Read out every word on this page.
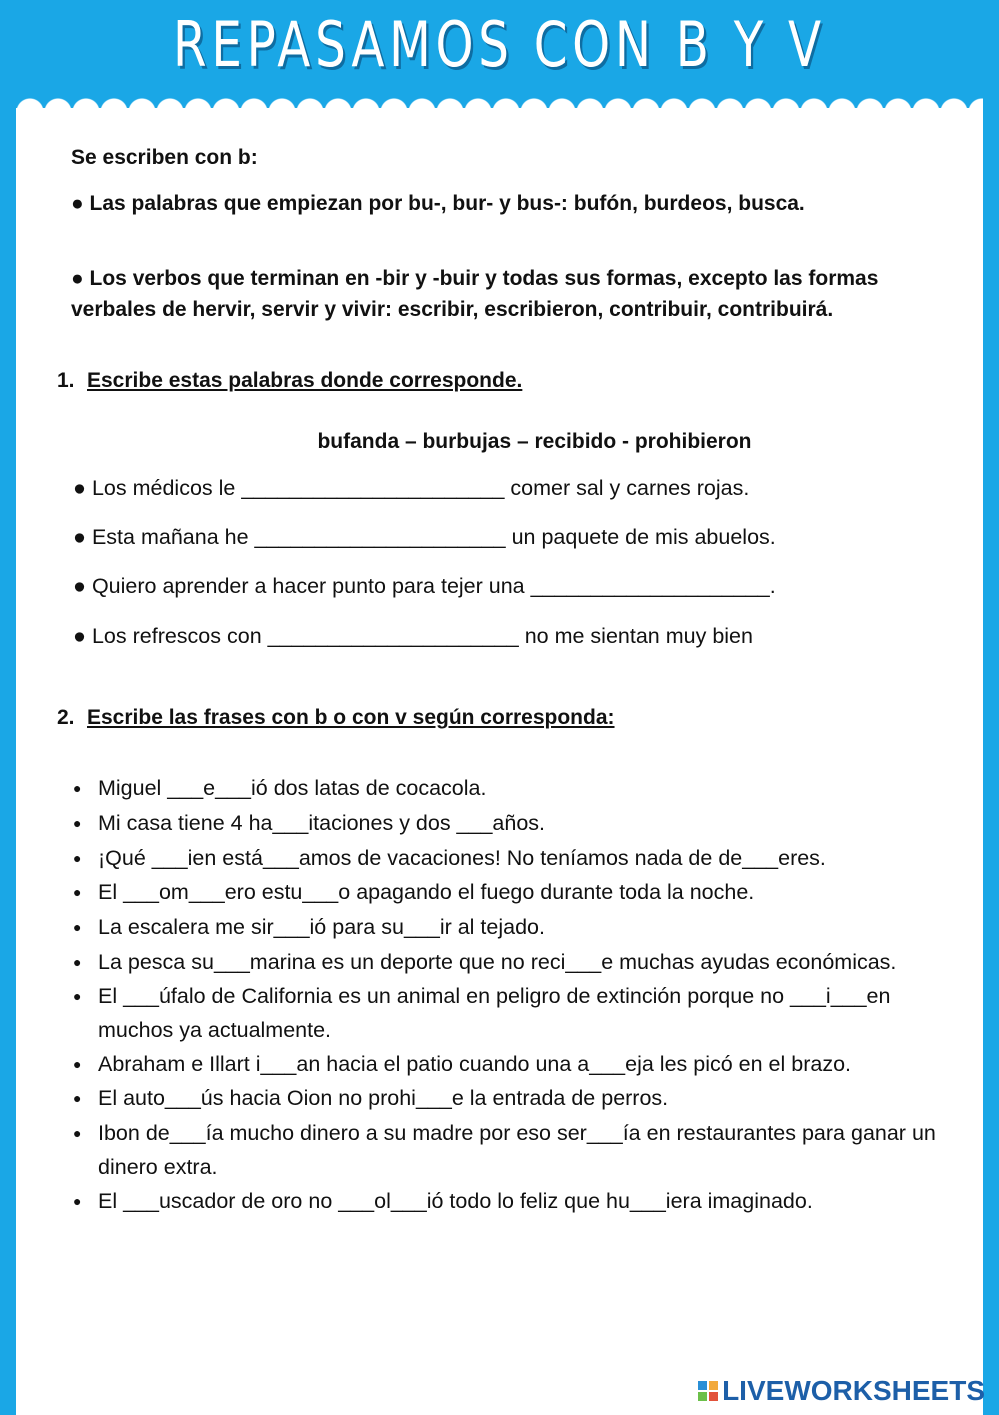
REPASAMOS CON B Y V
Se escriben con b:
● Las palabras que empiezan por bu-, bur- y bus-: bufón, burdeos, busca.
● Los verbos que terminan en -bir y -buir y todas sus formas, excepto las formas verbales de hervir, servir y vivir: escribir, escribieron, contribuir, contribuirá.
1. Escribe estas palabras donde corresponde.
bufanda – burbujas – recibido - prohibieron
● Los médicos le ______________________ comer sal y carnes rojas.
● Esta mañana he _____________________ un paquete de mis abuelos.
● Quiero aprender a hacer punto para tejer una ____________________.
● Los refrescos con _____________________ no me sientan muy bien
2. Escribe las frases con b o con v según corresponda:

● Miguel ___e___ió dos latas de cocacola.

● Mi casa tiene 4 ha___itaciones y dos ___años.

● ¡Qué ___ien está___amos de vacaciones! No teníamos nada de de___eres.

● El ___om___ero estu___o apagando el fuego durante toda la noche.

● La escalera me sir___ió para su___ir al tejado.

● La pesca su___marina es un deporte que no reci___e muchas ayudas económicas.

● El ___úfalo de California es un animal en peligro de extinción porque no ___i___en muchos ya actualmente.

● Abraham e Illart i___an hacia el patio cuando una a___eja les picó en el brazo.

● El auto___ús hacia Oion no prohi___e la entrada de perros.

● Ibon de___ía mucho dinero a su madre por eso ser___ía en restaurantes para ganar un dinero extra.

● El ___uscador de oro no ___ol___ió todo lo feliz que hu___iera imaginado.

LIVEWORKSHEETS
